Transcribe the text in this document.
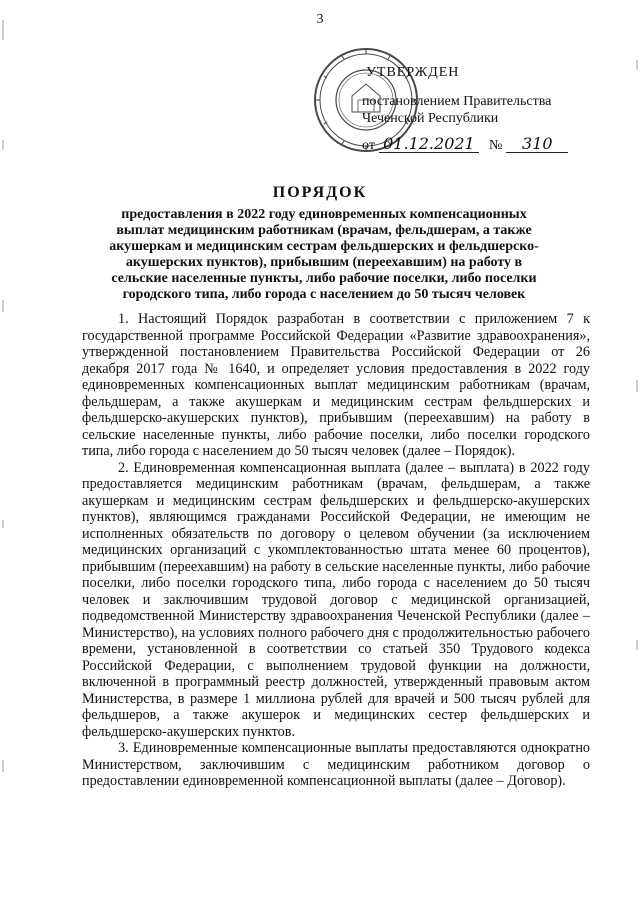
3
УТВЕРЖДЕН
постановлением Правительства
Чеченской Республики
от 01.12.2021 № 310
ПОРЯДОК
предоставления в 2022 году единовременных компенсационных выплат медицинским работникам (врачам, фельдшерам, а также акушеркам и медицинским сестрам фельдшерских и фельдшерско-акушерских пунктов), прибывшим (переехавшим) на работу в сельские населенные пункты, либо рабочие поселки, либо поселки городского типа, либо города с населением до 50 тысяч человек

1. Настоящий Порядок разработан в соответствии с приложением 7 к государственной программе Российской Федерации «Развитие здравоохранения», утвержденной постановлением Правительства Российской Федерации от 26 декабря 2017 года № 1640, и определяет условия предоставления в 2022 году единовременных компенсационных выплат медицинским работникам (врачам, фельдшерам, а также акушеркам и медицинским сестрам фельдшерских и фельдшерско-акушерских пунктов), прибывшим (переехавшим) на работу в сельские населенные пункты, либо рабочие поселки, либо поселки городского типа, либо города с населением до 50 тысяч человек (далее – Порядок).

2. Единовременная компенсационная выплата (далее – выплата) в 2022 году предоставляется медицинским работникам (врачам, фельдшерам, а также акушеркам и медицинским сестрам фельдшерских и фельдшерско-акушерских пунктов), являющимся гражданами Российской Федерации, не имеющим не исполненных обязательств по договору о целевом обучении (за исключением медицинских организаций с укомплектованностью штата менее 60 процентов), прибывшим (переехавшим) на работу в сельские населенные пункты, либо рабочие поселки, либо поселки городского типа, либо города с населением до 50 тысяч человек и заключившим трудовой договор с медицинской организацией, подведомственной Министерству здравоохранения Чеченской Республики (далее – Министерство), на условиях полного рабочего дня с продолжительностью рабочего времени, установленной в соответствии со статьей 350 Трудового кодекса Российской Федерации, с выполнением трудовой функции на должности, включенной в программный реестр должностей, утвержденный правовым актом Министерства, в размере 1 миллиона рублей для врачей и 500 тысяч рублей для фельдшеров, а также акушерок и медицинских сестер фельдшерских и фельдшерско-акушерских пунктов.

3. Единовременные компенсационные выплаты предоставляются однократно Министерством, заключившим с медицинским работником договор о предоставлении единовременной компенсационной выплаты (далее – Договор).
